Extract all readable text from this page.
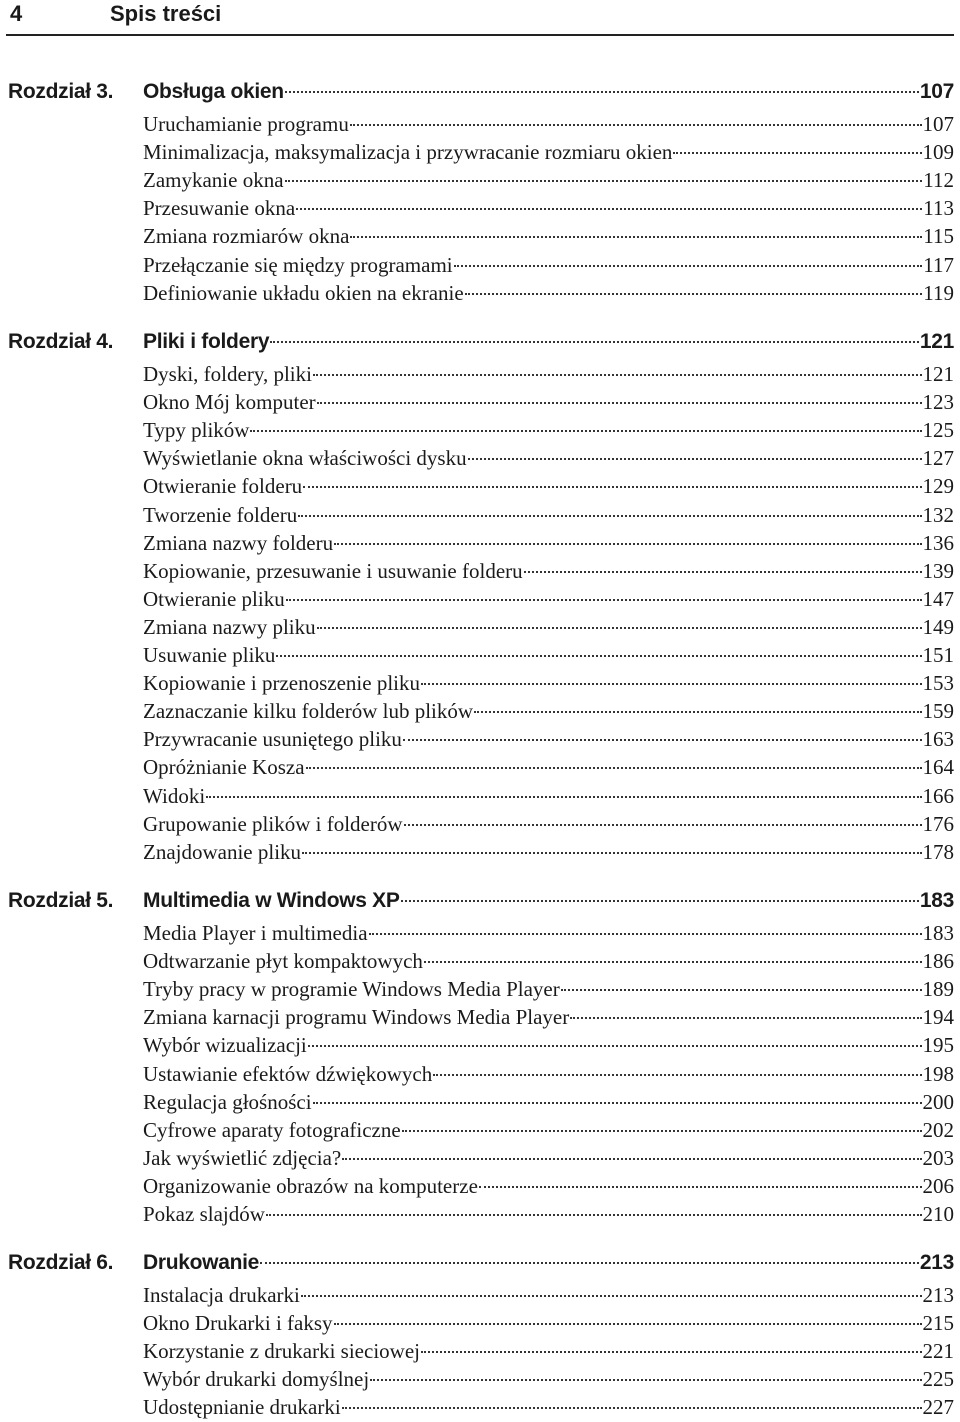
4	Spis treści
Rozdział 3. Obsługa okien	107
Uruchamianie programu	107
Minimalizacja, maksymalizacja i przywracanie rozmiaru okien	109
Zamykanie okna	112
Przesuwanie okna	113
Zmiana rozmiarów okna	115
Przełączanie się między programami	117
Definiowanie układu okien na ekranie	119
Rozdział 4. Pliki i foldery	121
Dyski, foldery, pliki	121
Okno Mój komputer	123
Typy plików	125
Wyświetlanie okna właściwości dysku	127
Otwieranie folderu	129
Tworzenie folderu	132
Zmiana nazwy folderu	136
Kopiowanie, przesuwanie i usuwanie folderu	139
Otwieranie pliku	147
Zmiana nazwy pliku	149
Usuwanie pliku	151
Kopiowanie i przenoszenie pliku	153
Zaznaczanie kilku folderów lub plików	159
Przywracanie usuniętego pliku	163
Opróżnianie Kosza	164
Widoki	166
Grupowanie plików i folderów	176
Znajdowanie pliku	178
Rozdział 5. Multimedia w Windows XP	183
Media Player i multimedia	183
Odtwarzanie płyt kompaktowych	186
Tryby pracy w programie Windows Media Player	189
Zmiana karnacji programu Windows Media Player	194
Wybór wizualizacji	195
Ustawianie efektów dźwiękowych	198
Regulacja głośności	200
Cyfrowe aparaty fotograficzne	202
Jak wyświetlić zdjęcia?	203
Organizowanie obrazów na komputerze	206
Pokaz slajdów	210
Rozdział 6. Drukowanie	213
Instalacja drukarki	213
Okno Drukarki i faksy	215
Korzystanie z drukarki sieciowej	221
Wybór drukarki domyślnej	225
Udostępnianie drukarki	227
